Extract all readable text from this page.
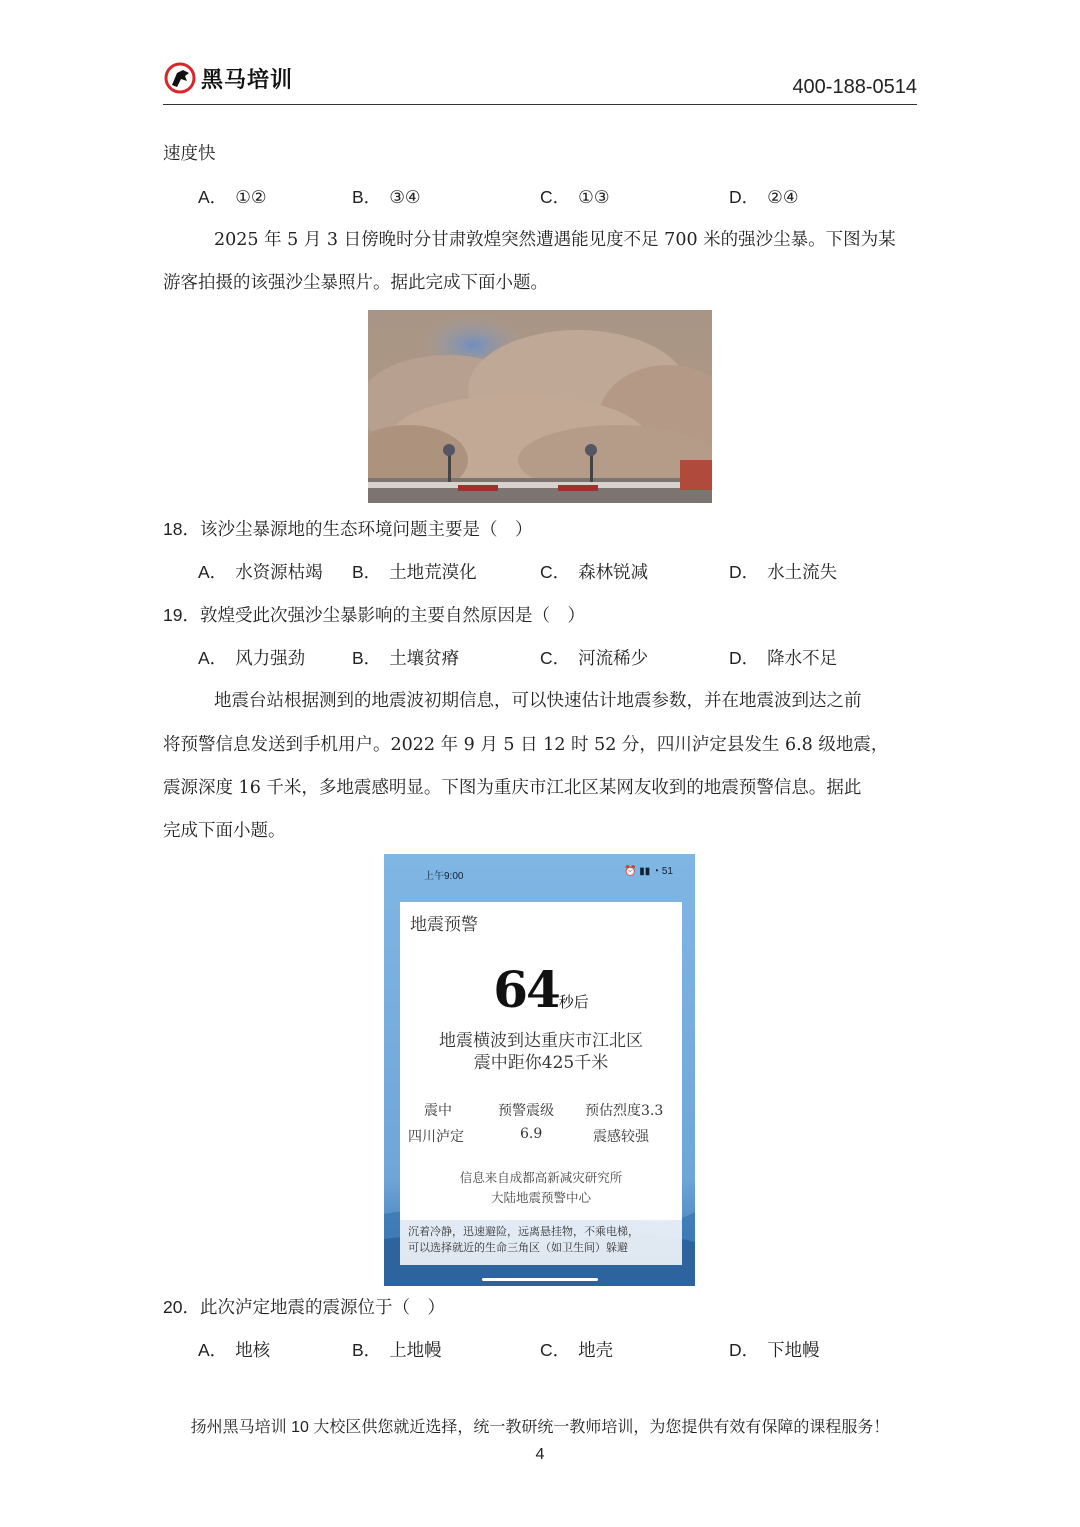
黑马培训	400-188-0514
速度快
A． ①②	B． ③④	C． ①③	D． ②④
2025 年 5 月 3 日傍晚时分甘肃敦煌突然遭遇能见度不足 700 米的强沙尘暴。下图为某
游客拍摄的该强沙尘暴照片。据此完成下面小题。
18．该沙尘暴源地的生态环境问题主要是（　）
A． 水资源枯竭 B． 土地荒漠化	C． 森林锐减	D． 水土流失
19．敦煌受此次强沙尘暴影响的主要自然原因是（　）
A． 风力强劲	B． 土壤贫瘠	C． 河流稀少	D． 降水不足
地震台站根据测到的地震波初期信息，可以快速估计地震参数，并在地震波到达之前
将预警信息发送到手机用户。2022 年 9 月 5 日 12 时 52 分，四川泸定县发生 6.8 级地震，
震源深度 16 千米，多地震感明显。下图为重庆市江北区某网友收到的地震预警信息。据此
完成下面小题。
上午9:00	⏰ ▮▮ ◔ 51
地震预警
64秒后
地震横波到达重庆市江北区
震中距你425千米
震中	预警震级 预估烈度3.3
四川泸定	6.9	震感较强
信息来自成都高新减灾研究所
大陆地震预警中心
沉着冷静，迅速避险，远离悬挂物，不乘电梯，
可以选择就近的生命三角区（如卫生间）躲避
20．此次泸定地震的震源位于（　）
A． 地核	B． 上地幔	C． 地壳	D． 下地幔
扬州黑马培训 10 大校区供您就近选择，统一教研统一教师培训，为您提供有效有保障的课程服务！
4
